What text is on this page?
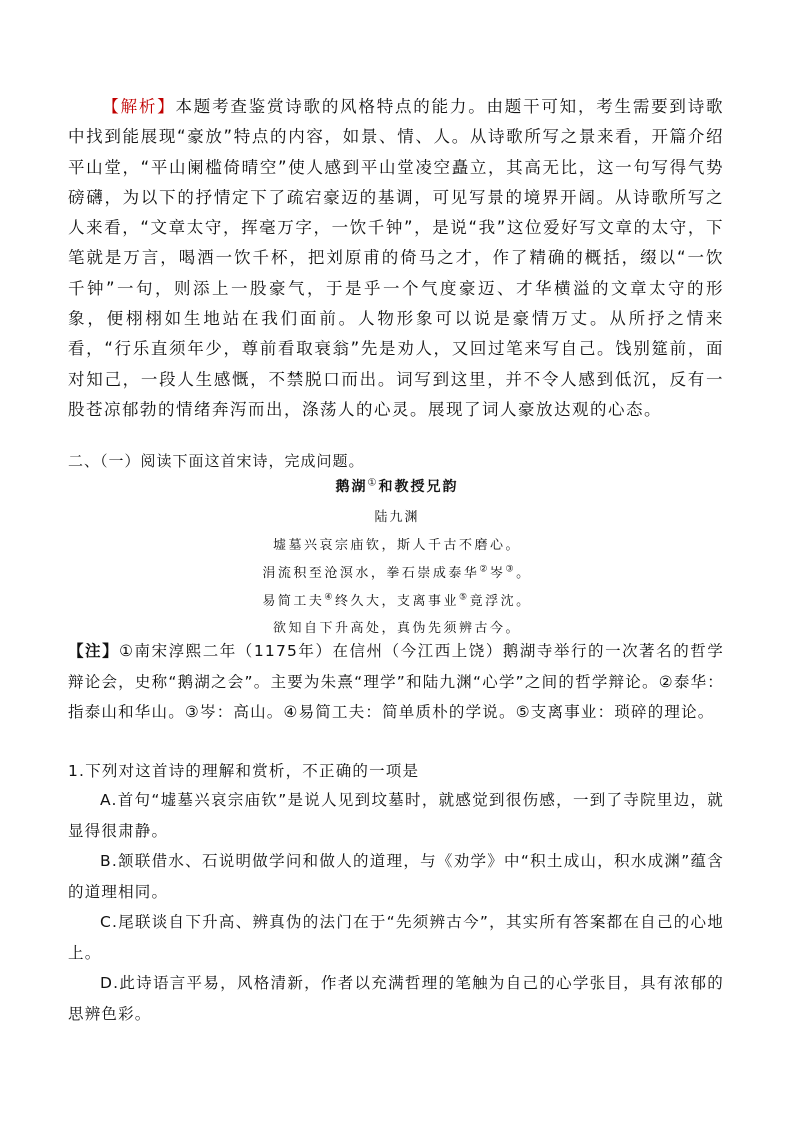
【解析】本题考查鉴赏诗歌的风格特点的能力。由题干可知，考生需要到诗歌中找到能展现“豪放”特点的内容，如景、情、人。从诗歌所写之景来看，开篇介绍平山堂，“平山阑槛倚晴空”使人感到平山堂凌空矗立，其高无比，这一句写得气势磅礴，为以下的抒情定下了疏宕豪迈的基调，可见写景的境界开阔。从诗歌所写之人来看，“文章太守，挥毫万字，一饮千钟”，是说“我”这位爱好写文章的太守，下笔就是万言，喝酒一饮千杯，把刘原甫的倚马之才，作了精确的概括，缀以“一饮千钟”一句，则添上一股豪气，于是乎一个气度豪迈、才华横溢的文章太守的形象，便栩栩如生地站在我们面前。人物形象可以说是豪情万丈。从所抒之情来看，“行乐直须年少，尊前看取衰翁”先是劝人，又回过笔来写自己。饯别筵前，面对知己，一段人生感慨，不禁脱口而出。词写到这里，并不令人感到低沉，反有一股苍凉郁勃的情绪奔泻而出，涤荡人的心灵。展现了词人豪放达观的心态。

二、（一）阅读下面这首宋诗，完成问题。

鹅湖①和教授兄韵

陆九渊

墟墓兴哀宗庙钦，斯人千古不磨心。

涓流积至沧溟水，拳石崇成泰华②岑③。

易简工夫④终久大，支离事业⑤竟浮沈。

欲知自下升高处，真伪先须辨古今。

【注】①南宋淳熙二年（1175年）在信州（今江西上饶）鹅湖寺举行的一次著名的哲学辩论会，史称“鹅湖之会”。主要为朱熹“理学”和陆九渊“心学”之间的哲学辩论。②泰华：指泰山和华山。③岑：高山。④易简工夫：简单质朴的学说。⑤支离事业：琐碎的理论。

1.下列对这首诗的理解和赏析，不正确的一项是

A.首句“墟墓兴哀宗庙钦”是说人见到坟墓时，就感觉到很伤感，一到了寺院里边，就显得很肃静。

B.颔联借水、石说明做学问和做人的道理，与《劝学》中“积土成山，积水成渊”蕴含的道理相同。

C.尾联谈自下升高、辨真伪的法门在于“先须辨古今”，其实所有答案都在自己的心地上。

D.此诗语言平易，风格清新，作者以充满哲理的笔触为自己的心学张目，具有浓郁的思辨色彩。
